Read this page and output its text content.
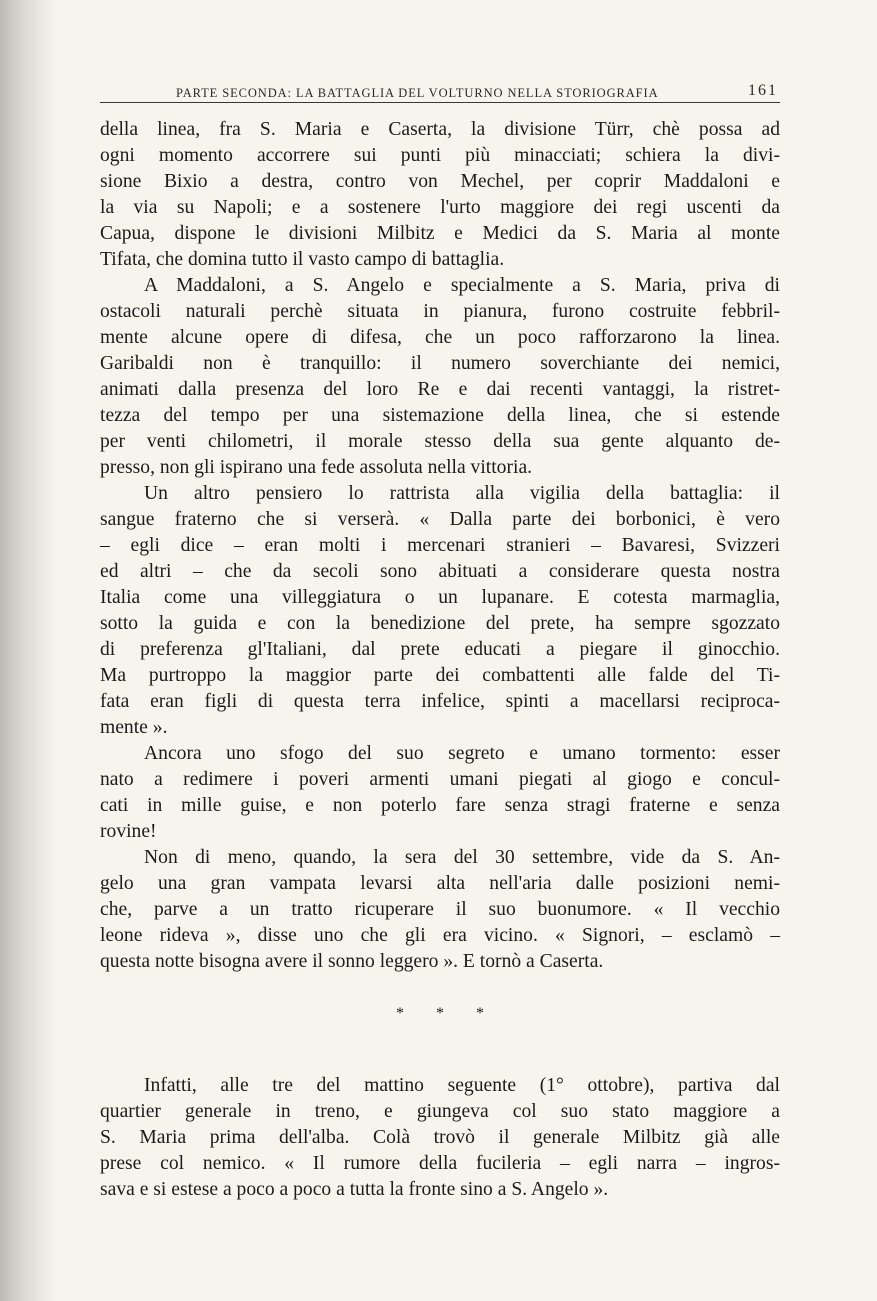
PARTE SECONDA: LA BATTAGLIA DEL VOLTURNO NELLA STORIOGRAFIA	161
della linea, fra S. Maria e Caserta, la divisione Türr, chè possa ad
ogni momento accorrere sui punti più minacciati; schiera la divi-
sione Bixio a destra, contro von Mechel, per coprir Maddaloni e
la via su Napoli; e a sostenere l'urto maggiore dei regi uscenti da
Capua, dispone le divisioni Milbitz e Medici da S. Maria al monte
Tifata, che domina tutto il vasto campo di battaglia.
A Maddaloni, a S. Angelo e specialmente a S. Maria, priva di
ostacoli naturali perchè situata in pianura, furono costruite febbril-
mente alcune opere di difesa, che un poco rafforzarono la linea.
Garibaldi non è tranquillo: il numero soverchiante dei nemici,
animati dalla presenza del loro Re e dai recenti vantaggi, la ristret-
tezza del tempo per una sistemazione della linea, che si estende
per venti chilometri, il morale stesso della sua gente alquanto de-
presso, non gli ispirano una fede assoluta nella vittoria.
Un altro pensiero lo rattrista alla vigilia della battaglia: il
sangue fraterno che si verserà. « Dalla parte dei borbonici, è vero
– egli dice – eran molti i mercenari stranieri – Bavaresi, Svizzeri
ed altri – che da secoli sono abituati a considerare questa nostra
Italia come una villeggiatura o un lupanare. E cotesta marmaglia,
sotto la guida e con la benedizione del prete, ha sempre sgozzato
di preferenza gl'Italiani, dal prete educati a piegare il ginocchio.
Ma purtroppo la maggior parte dei combattenti alle falde del Ti-
fata eran figli di questa terra infelice, spinti a macellarsi reciproca-
mente ».
Ancora uno sfogo del suo segreto e umano tormento: esser
nato a redimere i poveri armenti umani piegati al giogo e concul-
cati in mille guise, e non poterlo fare senza stragi fraterne e senza
rovine!
Non di meno, quando, la sera del 30 settembre, vide da S. An-
gelo una gran vampata levarsi alta nell'aria dalle posizioni nemi-
che, parve a un tratto ricuperare il suo buonumore. « Il vecchio
leone rideva », disse uno che gli era vicino. « Signori, – esclamò –
questa notte bisogna avere il sonno leggero ». E tornò a Caserta.
* * *
Infatti, alle tre del mattino seguente (1° ottobre), partiva dal
quartier generale in treno, e giungeva col suo stato maggiore a
S. Maria prima dell'alba. Colà trovò il generale Milbitz già alle
prese col nemico. « Il rumore della fucileria – egli narra – ingros-
sava e si estese a poco a poco a tutta la fronte sino a S. Angelo ».
